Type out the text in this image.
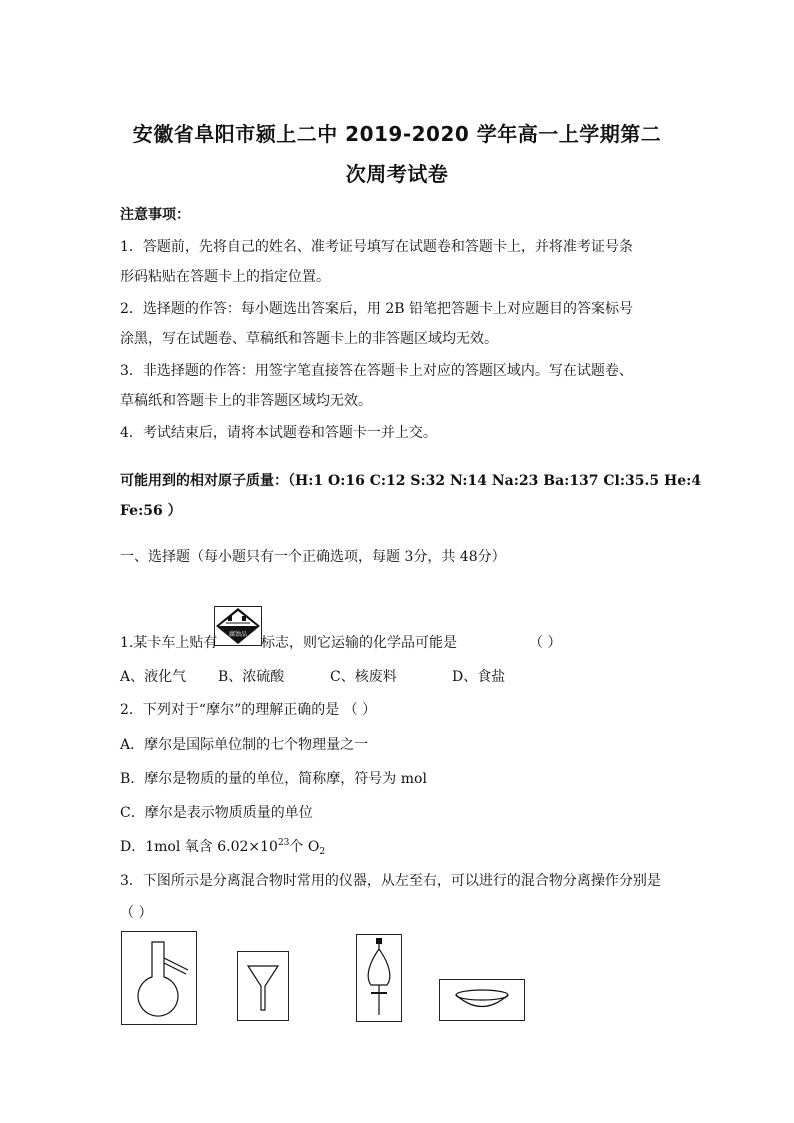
安徽省阜阳市颍上二中 2019-2020 学年高一上学期第二
次周考试卷
注意事项：
1．答题前，先将自己的姓名、准考证号填写在试题卷和答题卡上，并将准考证号条
形码粘贴在答题卡上的指定位置。
2．选择题的作答：每小题选出答案后，用 2B 铅笔把答题卡上对应题目的答案标号
涂黑，写在试题卷、草稿纸和答题卡上的非答题区域均无效。
3．非选择题的作答：用签字笔直接答在答题卡上对应的答题区域内。写在试题卷、
草稿纸和答题卡上的非答题区域均无效。
4．考试结束后，请将本试题卷和答题卡一并上交。
可能用到的相对原子质量：（H:1 O:16 C:12 S:32 N:14 Na:23 Ba:137 Cl:35.5 He:4
Fe:56 ）
一、选择题（每小题只有一个正确选项，每题 3分，共 48分）
腐蚀品
1.某卡车上贴有	标志，则它运输的化学品可能是	（ ）
A、液化气 B、浓硫酸	C、核废料	D、食盐
2．下列对于“摩尔”的理解正确的是 （ ）
A．摩尔是国际单位制的七个物理量之一
B．摩尔是物质的量的单位，简称摩，符号为 mol
C．摩尔是表示物质质量的单位
D．1mol 氧含 $6.02\times 10^{23}$个 $O_2$
3．下图所示是分离混合物时常用的仪器，从左至右，可以进行的混合物分离操作分别是
（ ）
